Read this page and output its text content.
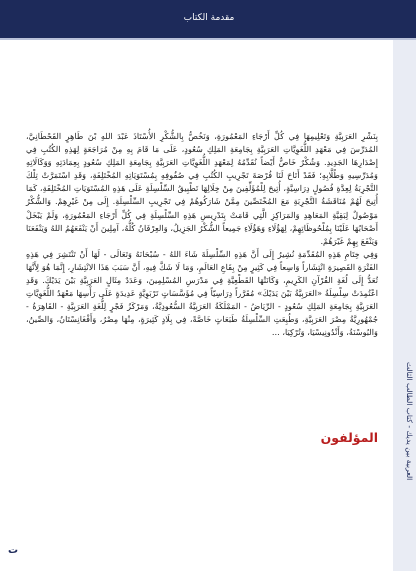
مقدمة الكتاب
العربية بين يديك - كتاب الطالب الثالث

بِنَشْرِ العَرَبِيَّةِ وَتَعْلِيمِهَا فِي كُلِّ أَرْجَاءِ المَعْمُورَةِ، وَنَخُصُّ بِالشُّكْرِ الأُسْتَاذَ عَبْدَ اللهِ بْنَ طَاهِرٍ القَحْطَانِيَّ، المُدَرِّسَ فِي مَعْهَدِ اللُّغَوِيَّاتِ العَرَبِيَّةِ بِجَامِعَةِ المَلِكِ سُعُودٍ، عَلَى مَا قَامَ بِهِ مِنْ مُرَاجَعَةٍ لِهَذِهِ الكُتُبِ فِي إِصْدَارِهَا الجَدِيدِ. وَشُكْرٌ خَاصٌّ أَيْضاً نُقَدِّمُهُ لِمَعْهَدِ اللُّغَوِيَّاتِ العَرَبِيَّةِ بِجَامِعَةِ المَلِكِ سُعُودٍ بِعِمَادَتِهِ وَوَكَالَاتِهِ وَمُدَرِّسِيهِ وَطُلَّابِهِ؛ فَقَدْ أَتَاحَ لَنَا فُرْصَةَ تَجْرِيبِ الكُتُبِ فِي صُفُوفِهِ بِمُسْتَوَيَاتِهِ المُخْتَلِفَةِ، وَقَدِ اسْتَمَرَّتْ تِلْكَ التَّجْرِبَةُ لِعِدَّةِ فُصُولٍ دِرَاسِيَّةٍ، أُتِيحَ لِلْمُؤَلِّفِينَ مِنْ خِلَالِهَا تَطْبِيقُ السِّلْسِلَةِ عَلَى هَذِهِ المُسْتَوَيَاتِ المُخْتَلِفَةِ، كَمَا أُتِيحَ لَهُمْ مُنَاقَشَةُ التَّجْرِبَةِ مَعَ المُخْتَصِّينَ مِمَّنْ شَارَكُوهُمْ فِي تَجْرِيبِ السِّلْسِلَةِ. إِلَى مِنْ غَيْرِهِمْ. وَالشُّكْرُ مَوْصُولٌ لِبَقِيَّةِ المَعَاهِدِ وَالمَرَاكِزِ الَّتِي قَامَتْ بِتَدْرِيسِ هَذِهِ السِّلْسِلَةِ فِي كُلِّ أَرْجَاءِ المَعْمُورَةِ، وَلَمْ يَبْخَلْ أَصْحَابُهَا عَلَيْنَا بِمُلْحُوظَاتِهِمْ، لِهَؤُلَاءِ وَهَؤُلَاءِ جَمِيعاً الشُّكْرُ الجَزِيلُ، وَالعِرْفَانُ كُلُّهُ، آمِلِينَ أَنْ يَنْفَعَهُمُ اللهُ وَيَنْفَعَنَا وَيَنْفَعَ بِهِمْ غَيْرَهُمْ.

وَفِي خِتَامِ هَذِهِ المُقَدِّمَةِ نُشِيرُ إِلَى أَنَّ هَذِهِ السِّلْسِلَةَ شَاءَ اللهُ - سُبْحَانَهُ وَتَعَالَى - لَهَا أَنْ تَنْتَشِرَ فِي هَذِهِ الفَتْرَةِ القَصِيرَةِ انْتِشَاراً وَاسِعاً فِي كَثِيرٍ مِنْ بِقَاعِ العَالَمِ، وَمَا لَا شَكَّ فِيهِ، أَنَّ سَبَبَ هَذَا الانْتِشَارِ، إِنَّمَا هُوَ لِأَنَّهَا تُعَدُّ إِلَى لُغَةِ القُرْآنِ الكَرِيمِ، وَكَانَتْهَا القَطْعِيَّةِ فِي مَدْرَسِ المُسْلِمِينَ، وَعَدَدٌ مِثَالٍ العَرَبِيَّةِ بَيْنَ يَدَيْكَ. وَقَدِ اعْتُمِدَتْ سِلْسِلَةُ «العَرَبِيَّةُ بَيْنَ يَدَيْكَ» مُقَرَّراً دِرَاسِيّاً فِي مُؤَسَّسَاتٍ تَرْبَوِيَّةٍ عَدِيدَةٍ عَلَى رَأْسِهَا مَعْهَدُ اللُّغَوِيَّاتِ العَرَبِيَّةِ بِجَامِعَةِ المَلِكِ سُعُودٍ - الرِّيَاضُ - المَمْلَكَةُ العَرَبِيَّةُ السُّعُودِيَّةُ، وَمَرْكَزُ فَجْرٍ لِلُّغَةِ العَرَبِيَّةِ - القَاهِرَةُ - جُمْهُورِيَّةُ مِصْرَ العَرَبِيَّةِ، وَطُبِعَتِ السِّلْسِلَةُ طَبَعَاتٍ خَاصَّةً، فِي بِلَادٍ كَثِيرَةٍ، مِنْهَا مِصْرُ، وَأَفْغَانِسْتَانُ، وَالصِّينُ، وَالبُوسْنَةُ، وَأَنْدُونِيسْيَا، وَتُرْكِيَا، ...

المؤلفون
ت
